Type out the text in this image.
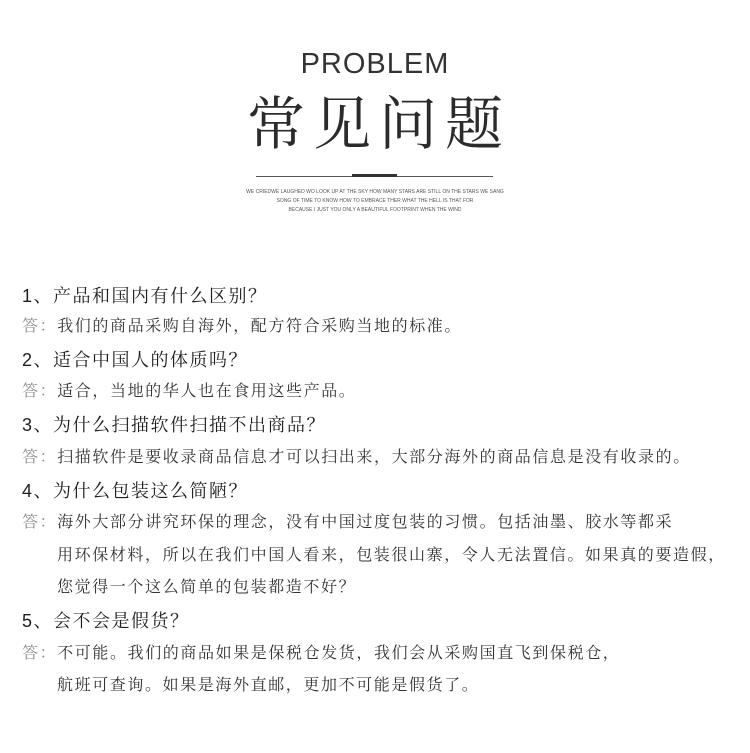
PROBLEM
常见问题
WE CRIEDWE LAUGHED WO LOOK UP AT THE SKY HOW MANY STARS ARE STILL ON THE STARS WE SANG
SONG OF TIME TO KNOW HOW TO EMBRACE THER WHAT THE HELL IS THAT FOR
BECAUSE I JUST YOU ONLY A BEAUTIFUL FOOTPRINT WHEN THE WIND
1、产品和国内有什么区别？
答：我们的商品采购自海外，配方符合采购当地的标准。
2、适合中国人的体质吗？
答：适合，当地的华人也在食用这些产品。
3、为什么扫描软件扫描不出商品？
答：扫描软件是要收录商品信息才可以扫出来，大部分海外的商品信息是没有收录的。
4、为什么包装这么简陋？
答：海外大部分讲究环保的理念，没有中国过度包装的习惯。包括油墨、胶水等都采
用环保材料，所以在我们中国人看来，包装很山寨，令人无法置信。如果真的要造假，
您觉得一个这么简单的包装都造不好？
5、会不会是假货？
答：不可能。我们的商品如果是保税仓发货，我们会从采购国直飞到保税仓，
航班可查询。如果是海外直邮，更加不可能是假货了。
